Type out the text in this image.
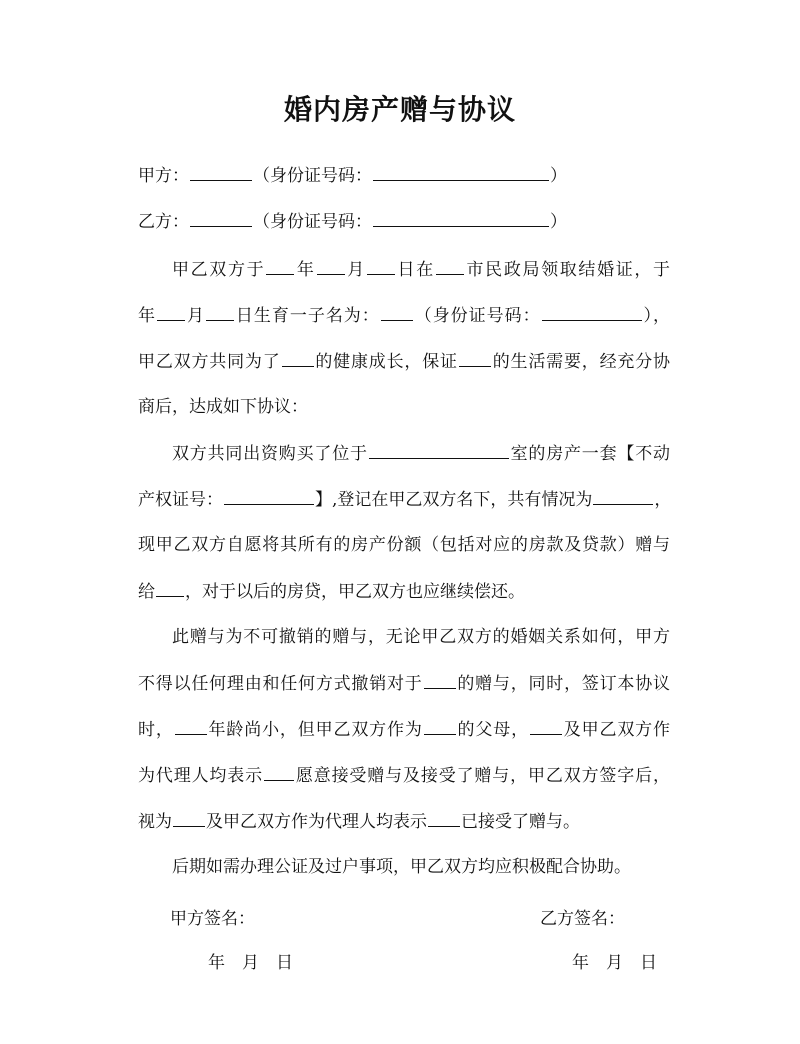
婚内房产赠与协议
甲方：	（身份证号码：	）
乙方：	（身份证号码：	）
甲乙双方于 年 月 日在 市民政局领取结婚证，于
年 月 日生育一子名为： （身份证号码：	），
甲乙双方共同为了 的健康成长，保证 的生活需要，经充分协
商后，达成如下协议：
双方共同出资购买了位于	室的房产一套【不动
产权证号：	】,登记在甲乙双方名下，共有情况为	，
现甲乙双方自愿将其所有的房产份额（包括对应的房款及贷款）赠与
给 ，对于以后的房贷，甲乙双方也应继续偿还。
此赠与为不可撤销的赠与，无论甲乙双方的婚姻关系如何，甲方
不得以任何理由和任何方式撤销对于 的赠与，同时，签订本协议
时， 年龄尚小，但甲乙双方作为 的父母， 及甲乙双方作
为代理人均表示 愿意接受赠与及接受了赠与，甲乙双方签字后，
视为 及甲乙双方作为代理人均表示 已接受了赠与。
后期如需办理公证及过户事项，甲乙双方均应积极配合协助。
甲方签名：	乙方签名：
年　月　日	年　月　日
